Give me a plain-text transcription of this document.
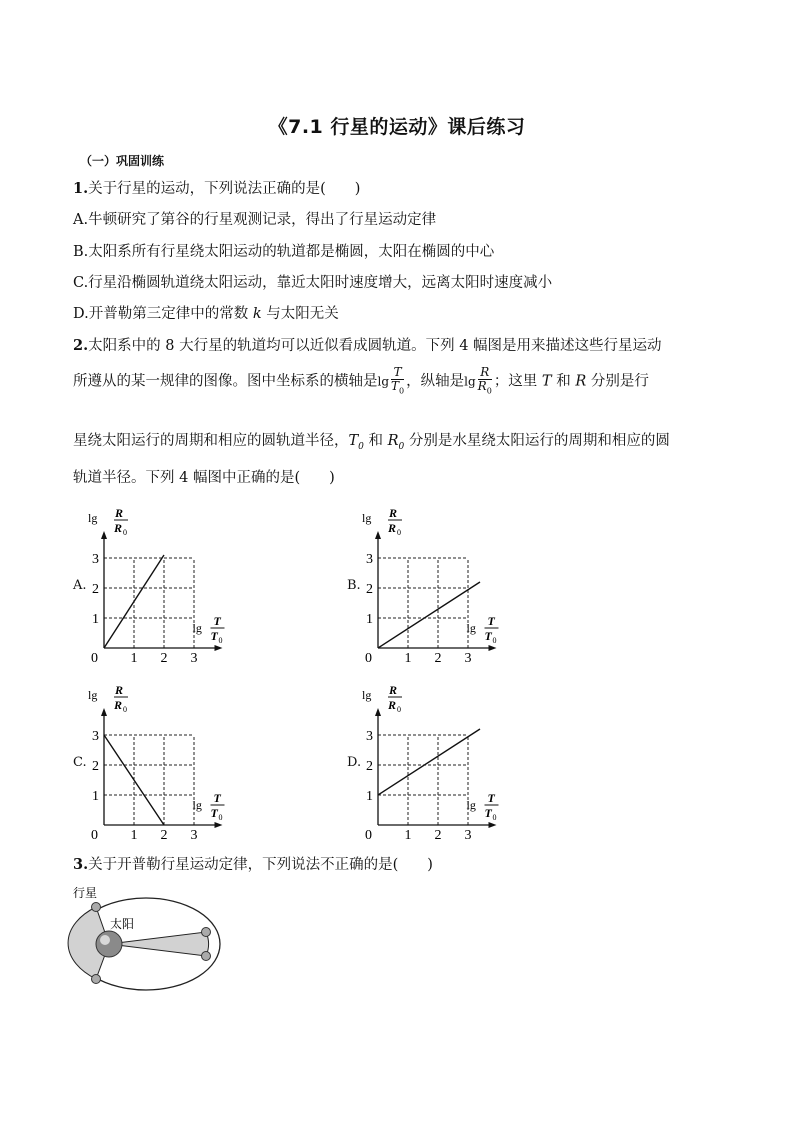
《7.1 行星的运动》课后练习
（一）巩固训练
1.关于行星的运动，下列说法正确的是(　　)
A.牛顿研究了第谷的行星观测记录，得出了行星运动定律
B.太阳系所有行星绕太阳运动的轨道都是椭圆，太阳在椭圆的中心
C.行星沿椭圆轨道绕太阳运动，靠近太阳时速度增大，远离太阳时速度减小
D.开普勒第三定律中的常数 k 与太阳无关
2.太阳系中的 8 大行星的轨道均可以近似看成圆轨道。下列 4 幅图是用来描述这些行星运动
所遵从的某一规律的图像。图中坐标系的横轴是$\lg \frac{T}{T_0}$ ，纵轴是$\lg \frac{R}{R_0}$ ；这里 T 和 R 分别是行
星绕太阳运行的周期和相应的圆轨道半径，$T_0$ 和 $R_0$ 分别是水星绕太阳运行的周期和相应的圆
轨道半径。下列 4 幅图中正确的是(　　)
A.
1
1
2
2
3
3
0
lg R
R 0
lg T
T 0
B.
1
1
2
2
3
3
0
lg R
R 0
lg T
T 0
C.
1
1
2
2
3
3
0
lg R
R 0
lg T
T 0
D.
1
1
2
2
3
3
0
lg R
R 0
lg T
T 0
3.关于开普勒行星运动定律，下列说法不正确的是(　　)
行星
太阳
